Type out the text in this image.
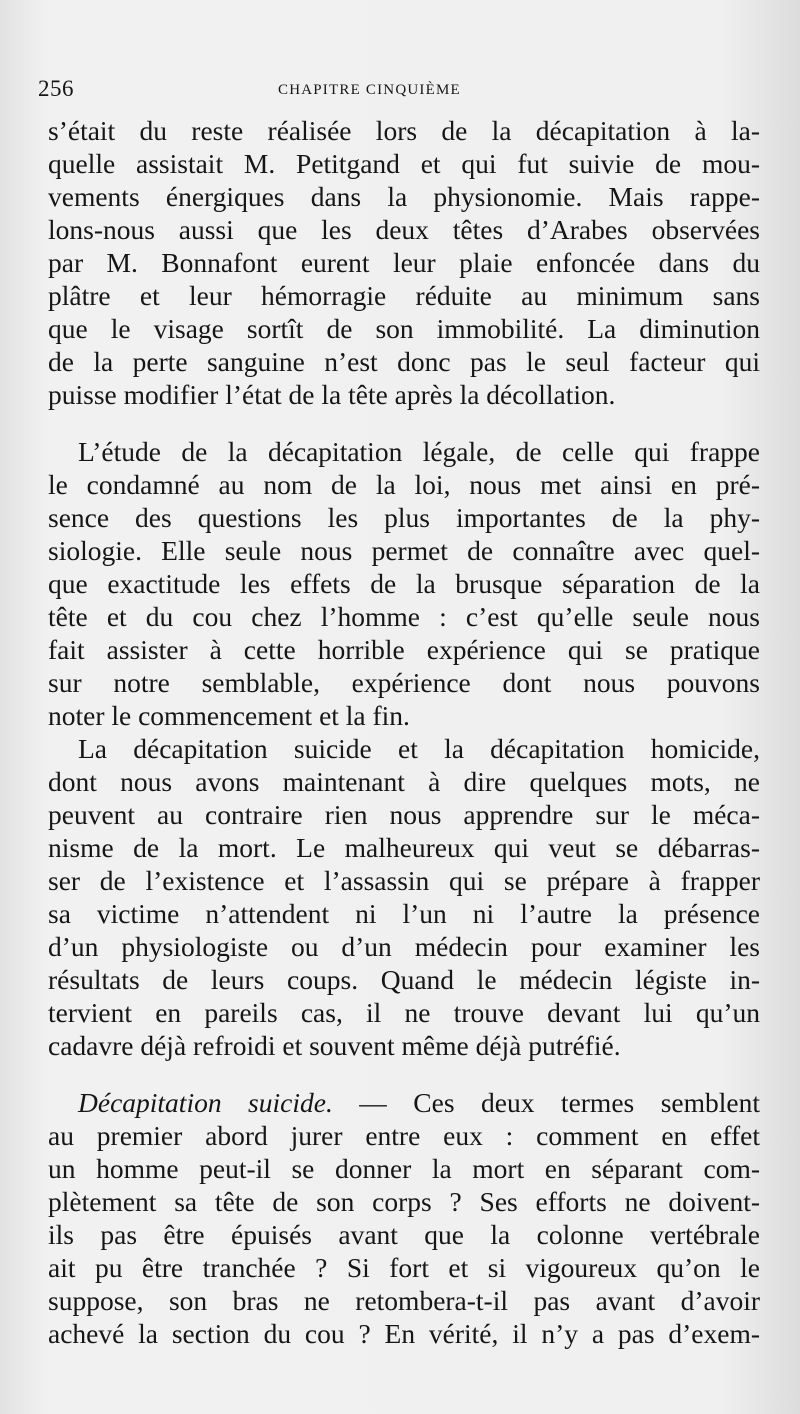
256	CHAPITRE CINQUIÈME
s’était du reste réalisée lors de la décapitation à la-
quelle assistait M. Petitgand et qui fut suivie de mou-
vements énergiques dans la physionomie. Mais rappe-
lons-nous aussi que les deux têtes d’Arabes observées
par M. Bonnafont eurent leur plaie enfoncée dans du
plâtre et leur hémorragie réduite au minimum sans
que le visage sortît de son immobilité. La diminution
de la perte sanguine n’est donc pas le seul facteur qui
puisse modifier l’état de la tête après la décollation.
L’étude de la décapitation légale, de celle qui frappe
le condamné au nom de la loi, nous met ainsi en pré-
sence des questions les plus importantes de la phy-
siologie. Elle seule nous permet de connaître avec quel-
que exactitude les effets de la brusque séparation de la
tête et du cou chez l’homme : c’est qu’elle seule nous
fait assister à cette horrible expérience qui se pratique
sur notre semblable, expérience dont nous pouvons
noter le commencement et la fin.
La décapitation suicide et la décapitation homicide,
dont nous avons maintenant à dire quelques mots, ne
peuvent au contraire rien nous apprendre sur le méca-
nisme de la mort. Le malheureux qui veut se débarras-
ser de l’existence et l’assassin qui se prépare à frapper
sa victime n’attendent ni l’un ni l’autre la présence
d’un physiologiste ou d’un médecin pour examiner les
résultats de leurs coups. Quand le médecin légiste in-
tervient en pareils cas, il ne trouve devant lui qu’un
cadavre déjà refroidi et souvent même déjà putréfié.
Décapitation suicide. — Ces deux termes semblent
au premier abord jurer entre eux : comment en effet
un homme peut-il se donner la mort en séparant com-
plètement sa tête de son corps ? Ses efforts ne doivent-
ils pas être épuisés avant que la colonne vertébrale
ait pu être tranchée ? Si fort et si vigoureux qu’on le
suppose, son bras ne retombera-t-il pas avant d’avoir
achevé la section du cou ? En vérité, il n’y a pas d’exem-
